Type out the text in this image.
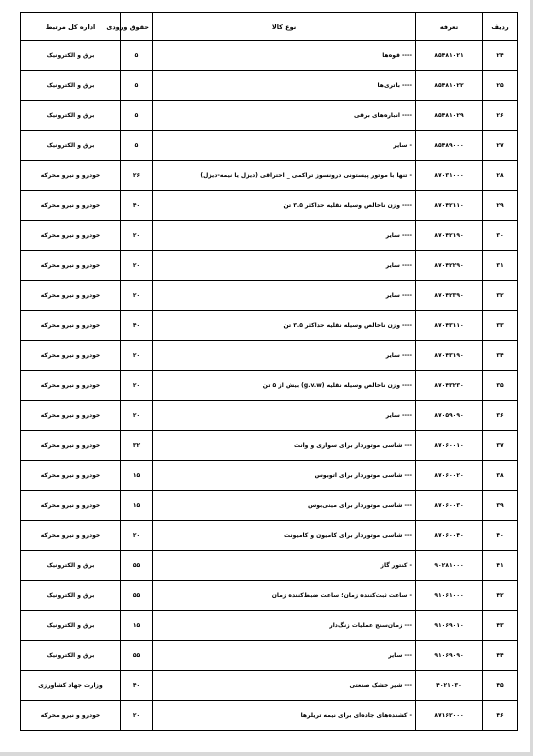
ردیف	تعرفه	نوع کالا	حقوق ورودی	اداره کل مرتبط
۲۴	۸۵۴۸۱۰۲۱	---- قوه‌ها	۵	برق و الکترونیک
۲۵	۸۵۴۸۱۰۲۲	---- باتری‌ها	۵	برق و الکترونیک
۲۶	۸۵۴۸۱۰۲۹	---- انباره‌های برقی	۵	برق و الکترونیک
۲۷	۸۵۴۸۹۰۰۰	- سایر	۵	برق و الکترونیک
۲۸	۸۷۰۳۱۰۰۰	- تنها با موتور پیستونی درونسوز تراکمی _ احتراقی (دیزل یا نیمه-دیزل)	۲۶	خودرو و نیرو محرکه
۲۹	۸۷۰۴۲۱۱۰	---- وزن ناخالص وسیله نقلیه حداکثر ۳.۵ تن	۴۰	خودرو و نیرو محرکه
۳۰	۸۷۰۴۲۱۹۰	---- سایر	۲۰	خودرو و نیرو محرکه
۳۱	۸۷۰۴۲۲۹۰	---- سایر	۲۰	خودرو و نیرو محرکه
۳۲	۸۷۰۴۲۳۹۰	---- سایر	۲۰	خودرو و نیرو محرکه
۳۳	۸۷۰۴۳۱۱۰	---- وزن ناخالص وسیله نقلیه حداکثر ۳.۵ تن	۴۰	خودرو و نیرو محرکه
۳۴	۸۷۰۴۳۱۹۰	---- سایر	۲۰	خودرو و نیرو محرکه
۳۵	۸۷۰۴۳۲۳۰	---- وزن ناخالص وسیله نقلیه (g.v.w) بیش از ۵ تن	۲۰	خودرو و نیرو محرکه
۳۶	۸۷۰۵۹۰۹۰	---- سایر	۲۰	خودرو و نیرو محرکه
۳۷	۸۷۰۶۰۰۱۰	--- شاسی موتوردار برای سواری و وانت	۳۲	خودرو و نیرو محرکه
۳۸	۸۷۰۶۰۰۲۰	--- شاسی موتوردار برای اتوبوس	۱۵	خودرو و نیرو محرکه
۳۹	۸۷۰۶۰۰۳۰	--- شاسی موتوردار برای مینی‌بوس	۱۵	خودرو و نیرو محرکه
۴۰	۸۷۰۶۰۰۴۰	--- شاسی موتوردار برای کامیون و کامیونت	۲۰	خودرو و نیرو محرکه
۴۱	۹۰۲۸۱۰۰۰	- کنتور گاز	۵۵	برق و الکترونیک
۴۲	۹۱۰۶۱۰۰۰	- ساعت ثبت‌کننده زمان؛ ساعت ضبط‌کننده زمان	۵۵	برق و الکترونیک
۴۳	۹۱۰۶۹۰۱۰	--- زمان‌سنج عملیات زنگ‌دار	۱۵	برق و الکترونیک
۴۴	۹۱۰۶۹۰۹۰	--- سایر	۵۵	برق و الکترونیک
۴۵	۴۰۲۱۰۳۰	--- شیر خشک صنعتی	۴۰	وزارت جهاد کشاورزی
۴۶	۸۷۱۶۲۰۰۰	- کشنده‌های جاده‌ای برای نیمه تریلرها	۲۰	خودرو و نیرو محرکه
